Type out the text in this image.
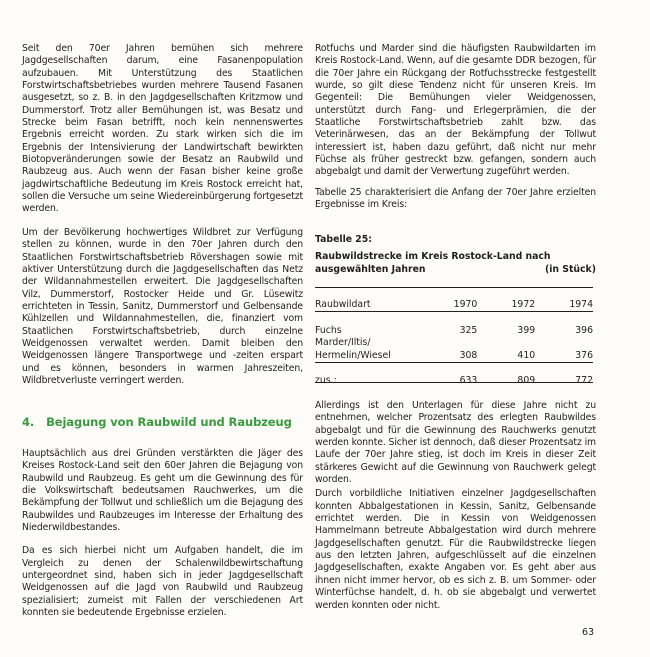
Seit den 70er Jahren bemühen sich mehrere Jagdgesellschaften darum, eine Fasanenpopulation aufzubauen. Mit Unterstützung des Staatlichen Forstwirtschaftsbetriebes wurden mehrere Tausend Fasanen ausgesetzt, so z. B. in den Jagdgesellschaften Kritzmow und Dummerstorf. Trotz aller Bemühungen ist, was Besatz und Strecke beim Fasan betrifft, noch kein nennenswertes Ergebnis erreicht worden. Zu stark wirken sich die im Ergebnis der Intensivierung der Landwirtschaft bewirkten Biotopveränderungen sowie der Besatz an Raubwild und Raubzeug aus. Auch wenn der Fasan bisher keine große jagdwirtschaftliche Bedeutung im Kreis Rostock erreicht hat, sollen die Versuche um seine Wiedereinbürgerung fortgesetzt werden.

Um der Bevölkerung hochwertiges Wildbret zur Verfügung stellen zu können, wurde in den 70er Jahren durch den Staatlichen Forstwirtschaftsbetrieb Rövershagen sowie mit aktiver Unterstützung durch die Jagdgesellschaften das Netz der Wildannahmestellen erweitert. Die Jagdgesellschaften Vilz, Dummerstorf, Rostocker Heide und Gr. Lüsewitz errichteten in Tessin, Sanitz, Dummerstorf und Gelbensande Kühlzellen und Wildannahmestellen, die, finanziert vom Staatlichen Forstwirtschaftsbetrieb, durch einzelne Weidgenossen verwaltet werden. Damit bleiben den Weidgenossen längere Transportwege und -zeiten erspart und es können, besonders in warmen Jahreszeiten, Wildbretverluste verringert werden.

4. Bejagung von Raubwild und Raubzeug

Hauptsächlich aus drei Gründen verstärkten die Jäger des Kreises Rostock-Land seit den 60er Jahren die Bejagung von Raubwild und Raubzeug. Es geht um die Gewinnung des für die Volkswirtschaft bedeutsamen Rauchwerkes, um die Bekämpfung der Tollwut und schließlich um die Bejagung des Raubwildes und Raubzeuges im Interesse der Erhaltung des Niederwildbestandes.

Da es sich hierbei nicht um Aufgaben handelt, die im Vergleich zu denen der Schalenwildbewirtschaftung untergeordnet sind, haben sich in jeder Jagdgesellschaft Weidgenossen auf die Jagd von Raubwild und Raubzeug spezialisiert; zumeist mit Fallen der verschiedenen Art konnten sie bedeutende Ergebnisse erzielen.

Rotfuchs und Marder sind die häufigsten Raubwildarten im Kreis Rostock-Land. Wenn, auf die gesamte DDR bezogen, für die 70er Jahre ein Rückgang der Rotfuchsstrecke festgestellt wurde, so gilt diese Tendenz nicht für unseren Kreis. Im Gegenteil: Die Bemühungen vieler Weidgenossen, unterstützt durch Fang- und Erlegerprämien, die der Staatliche Forstwirtschaftsbetrieb zahlt bzw. das Veterinärwesen, das an der Bekämpfung der Tollwut interessiert ist, haben dazu geführt, daß nicht nur mehr Füchse als früher gestreckt bzw. gefangen, sondern auch abgebalgt und damit der Verwertung zugeführt werden.

Tabelle 25 charakterisiert die Anfang der 70er Jahre erzielten Ergebnisse im Kreis:

Tabelle 25:
Raubwildstrecke im Kreis Rostock-Land nach ausgewählten Jahren	(in Stück)
Raubwildart	1970	1972	1974

Fuchs	325	399	396
Marder/Iltis/			
Hermelin/Wiesel	308	410	376

zus.:	633	809	772

Allerdings ist den Unterlagen für diese Jahre nicht zu entnehmen, welcher Prozentsatz des erlegten Raubwildes abgebalgt und für die Gewinnung des Rauchwerks genutzt werden konnte. Sicher ist dennoch, daß dieser Prozentsatz im Laufe der 70er Jahre stieg, ist doch im Kreis in dieser Zeit stärkeres Gewicht auf die Gewinnung von Rauchwerk gelegt worden.

Durch vorbildliche Initiativen einzelner Jagdgesellschaften konnten Abbalgestationen in Kessin, Sanitz, Gelbensande errichtet werden. Die in Kessin von Weidgenossen Hammelmann betreute Abbalgestation wird durch mehrere Jagdgesellschaften genutzt. Für die Raubwildstrecke liegen aus den letzten Jahren, aufgeschlüsselt auf die einzelnen Jagdgesellschaften, exakte Angaben vor. Es geht aber aus ihnen nicht immer hervor, ob es sich z. B. um Sommer- oder Winterfüchse handelt, d. h. ob sie abgebalgt und verwertet werden konnten oder nicht.

63
